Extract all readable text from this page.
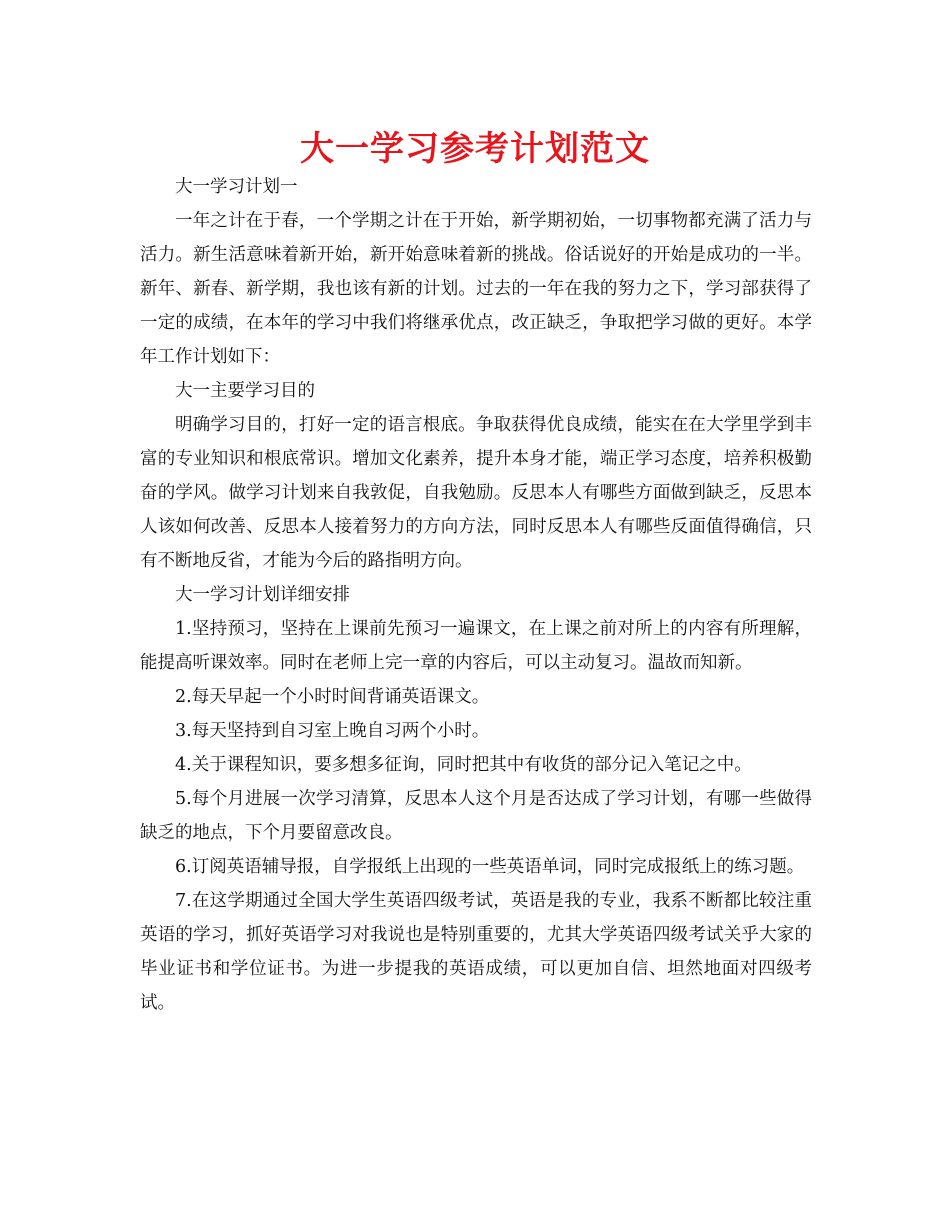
大一学习参考计划范文

大一学习计划一

一年之计在于春，一个学期之计在于开始，新学期初始，一切事物都充满了活力与活力。新生活意味着新开始，新开始意味着新的挑战。俗话说好的开始是成功的一半。新年、新春、新学期，我也该有新的计划。过去的一年在我的努力之下，学习部获得了一定的成绩，在本年的学习中我们将继承优点，改正缺乏，争取把学习做的更好。本学年工作计划如下：

大一主要学习目的

明确学习目的，打好一定的语言根底。争取获得优良成绩，能实在在大学里学到丰富的专业知识和根底常识。增加文化素养，提升本身才能，端正学习态度，培养积极勤奋的学风。做学习计划来自我敦促，自我勉励。反思本人有哪些方面做到缺乏，反思本人该如何改善、反思本人接着努力的方向方法，同时反思本人有哪些反面值得确信，只有不断地反省，才能为今后的路指明方向。

大一学习计划详细安排

1.坚持预习，坚持在上课前先预习一遍课文，在上课之前对所上的内容有所理解，能提高听课效率。同时在老师上完一章的内容后，可以主动复习。温故而知新。

2.每天早起一个小时时间背诵英语课文。

3.每天坚持到自习室上晚自习两个小时。

4.关于课程知识，要多想多征询，同时把其中有收货的部分记入笔记之中。

5.每个月进展一次学习清算，反思本人这个月是否达成了学习计划，有哪一些做得缺乏的地点，下个月要留意改良。

6.订阅英语辅导报，自学报纸上出现的一些英语单词，同时完成报纸上的练习题。

7.在这学期通过全国大学生英语四级考试，英语是我的专业，我系不断都比较注重英语的学习，抓好英语学习对我说也是特别重要的，尤其大学英语四级考试关乎大家的毕业证书和学位证书。为进一步提我的英语成绩，可以更加自信、坦然地面对四级考试。
